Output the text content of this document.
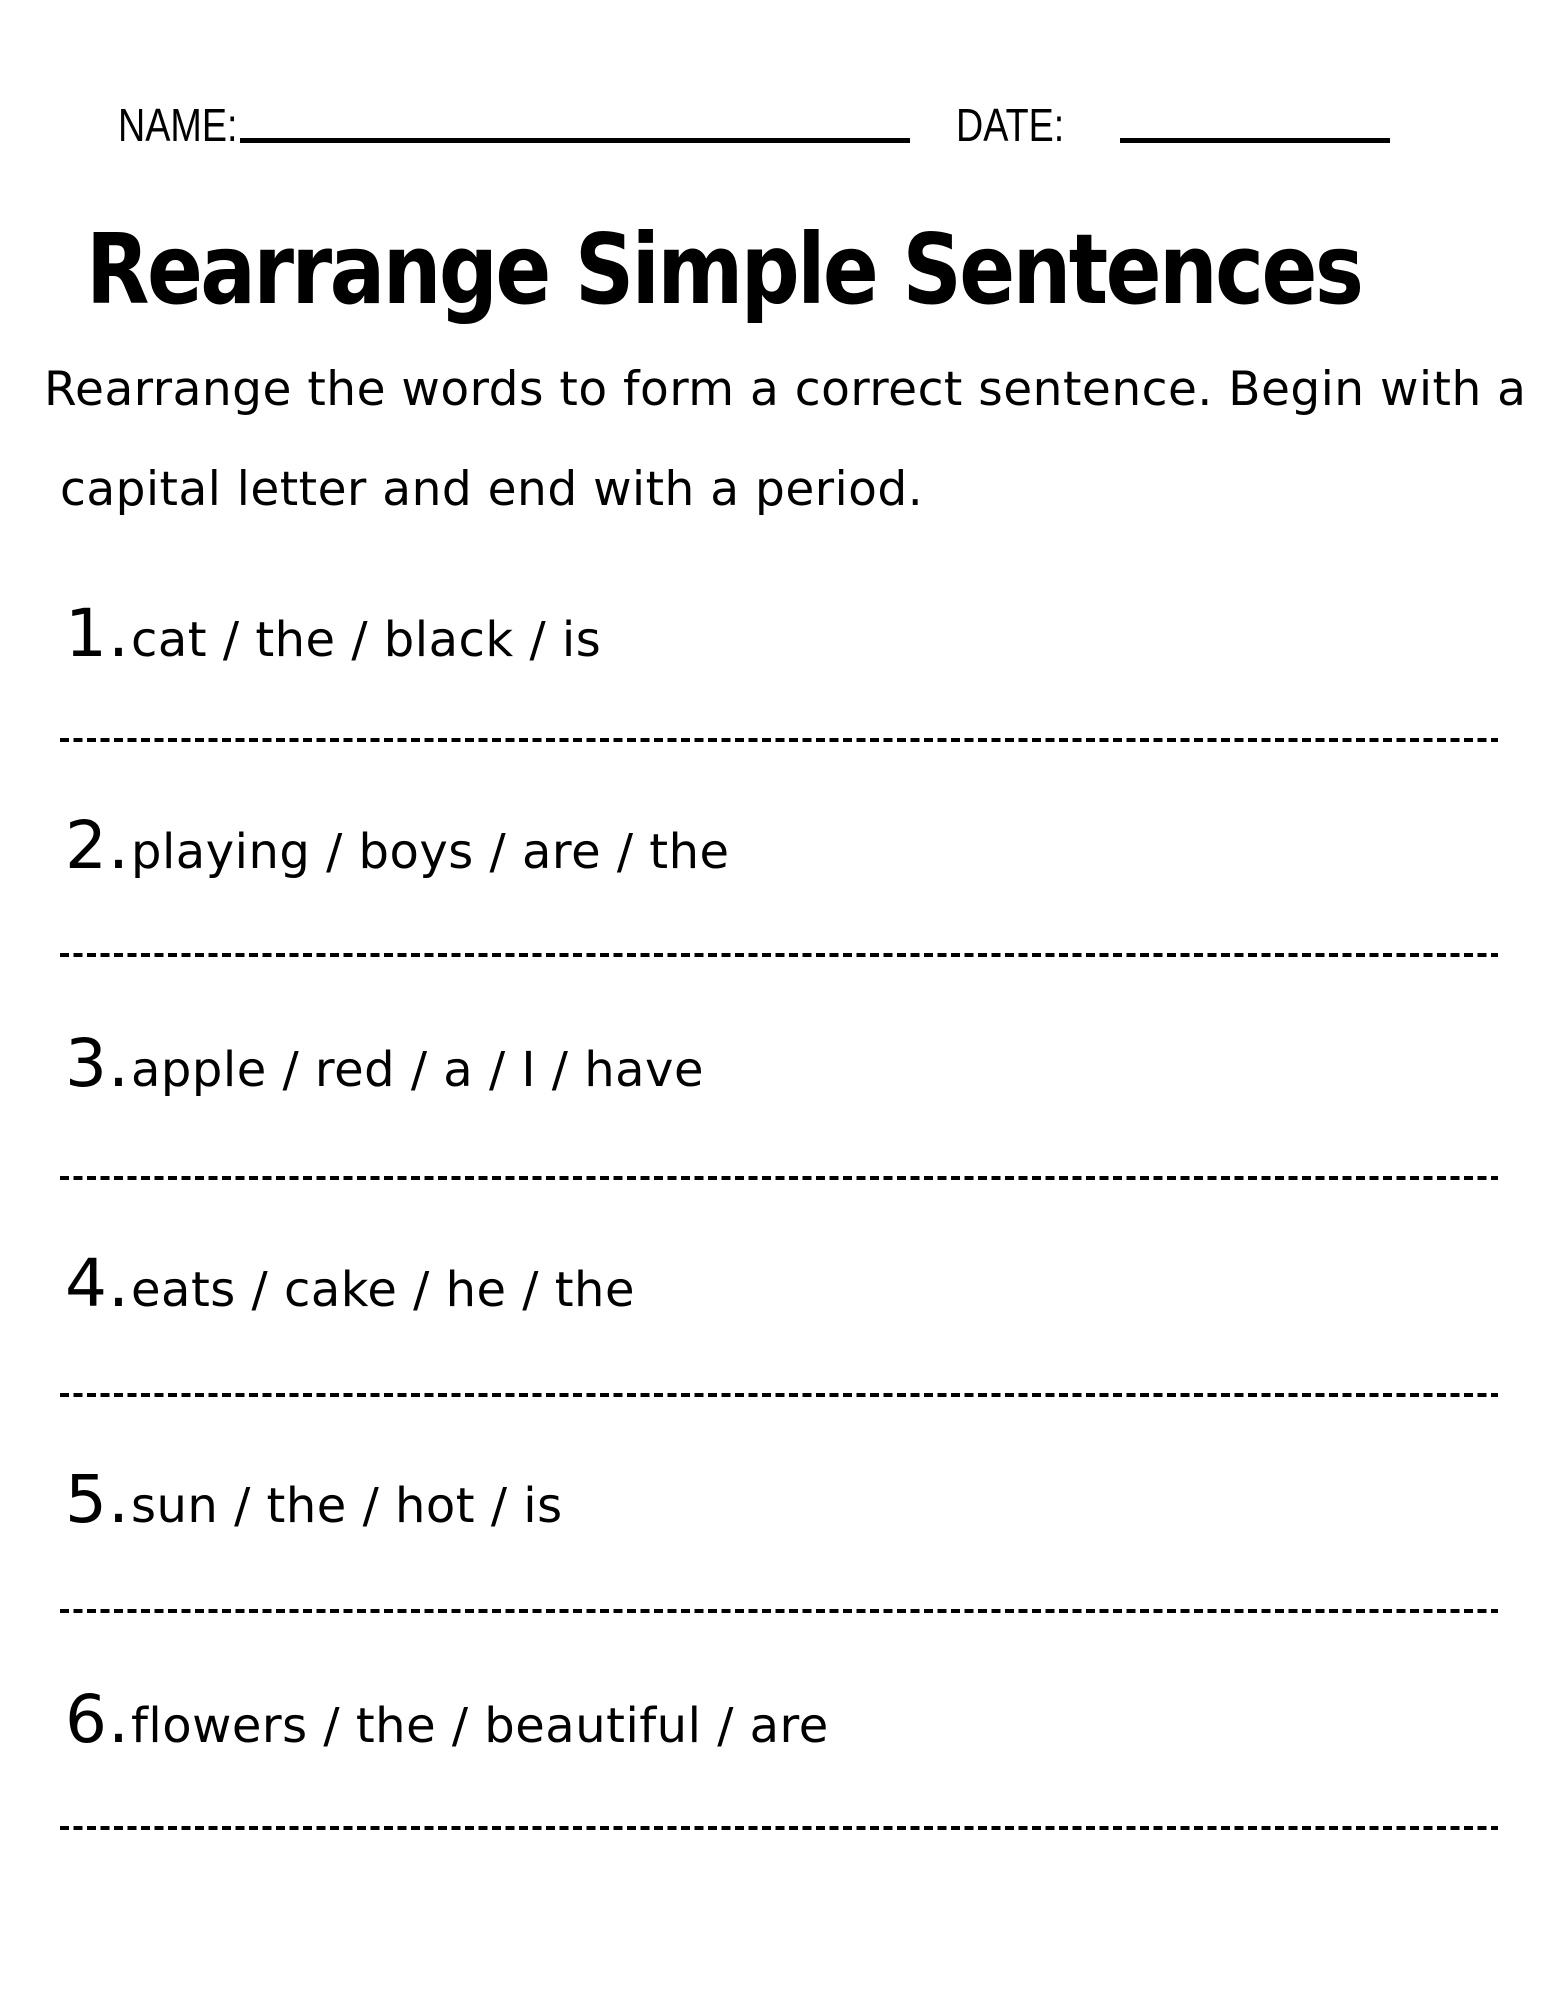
NAME:	DATE:
Rearrange Simple Sentences
Rearrange the words to form a correct sentence. Begin with a
capital letter and end with a period.
1. cat / the / black / is
2. playing / boys / are / the
3. apple / red / a / I / have
4. eats / cake / he / the
5. sun / the / hot / is
6. flowers / the / beautiful / are
